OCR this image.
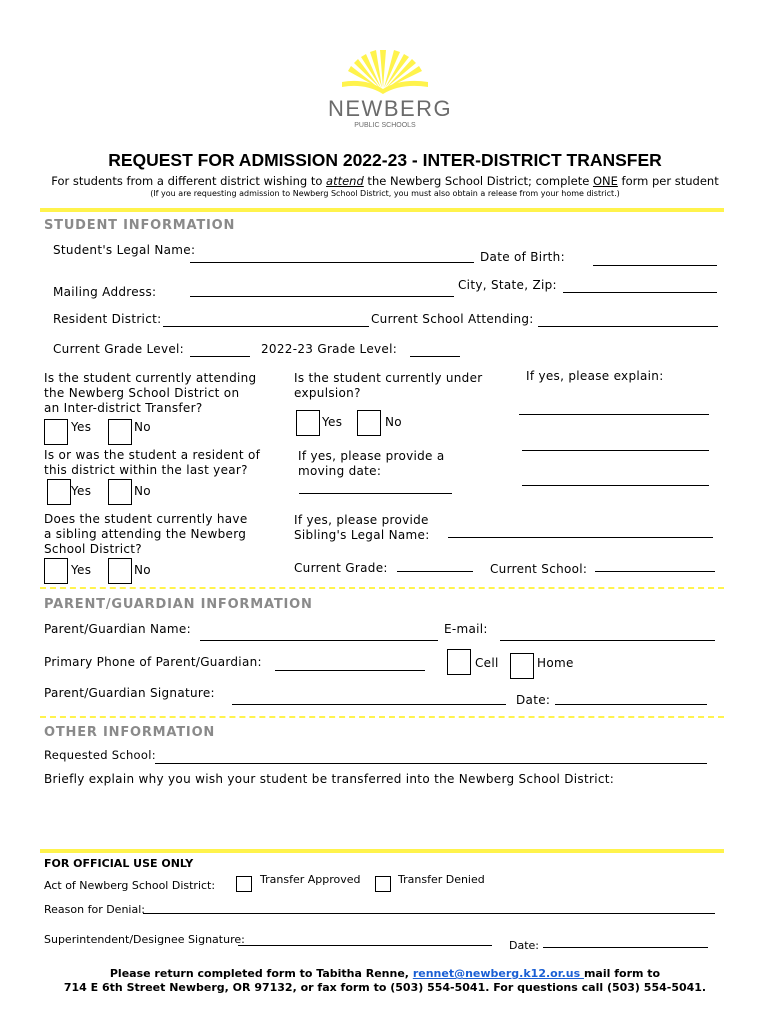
NEWBERG
PUBLIC SCHOOLS
REQUEST FOR ADMISSION 2022-23 - INTER-DISTRICT TRANSFER
For students from a different district wishing to attend the Newberg School District; complete ONE form per student
(If you are requesting admission to Newberg School District, you must also obtain a release from your home district.)
STUDENT INFORMATION
Student's Legal Name:	Date of Birth:
City, State, Zip:
Mailing Address:
Resident District:	Current School Attending:
Current Grade Level:	2022-23 Grade Level:
Is the student currently attending the Newberg School District on an Inter-district Transfer?
Yes	No
Is the student currently under expulsion?
Yes	No
If yes, please explain:
Is or was the student a resident of this district within the last year?
Yes	No
If yes, please provide a moving date:
Does the student currently have a sibling attending the Newberg School District?
Yes	No
If yes, please provide Sibling's Legal Name:
Current Grade:	Current School:
PARENT/GUARDIAN INFORMATION
Parent/Guardian Name:	E-mail:
Primary Phone of Parent/Guardian:	Cell	Home
Parent/Guardian Signature:	Date:
OTHER INFORMATION
Requested School:
Briefly explain why you wish your student be transferred into the Newberg School District:
FOR OFFICIAL USE ONLY
Act of Newberg School District:	Transfer Approved	Transfer Denied
Reason for Denial:
Superintendent/Designee Signature:	Date:
Please return completed form to Tabitha Renne, rennet@newberg.k12.or.us mail form to
714 E 6th Street Newberg, OR 97132, or fax form to (503) 554-5041. For questions call (503) 554-5041.
